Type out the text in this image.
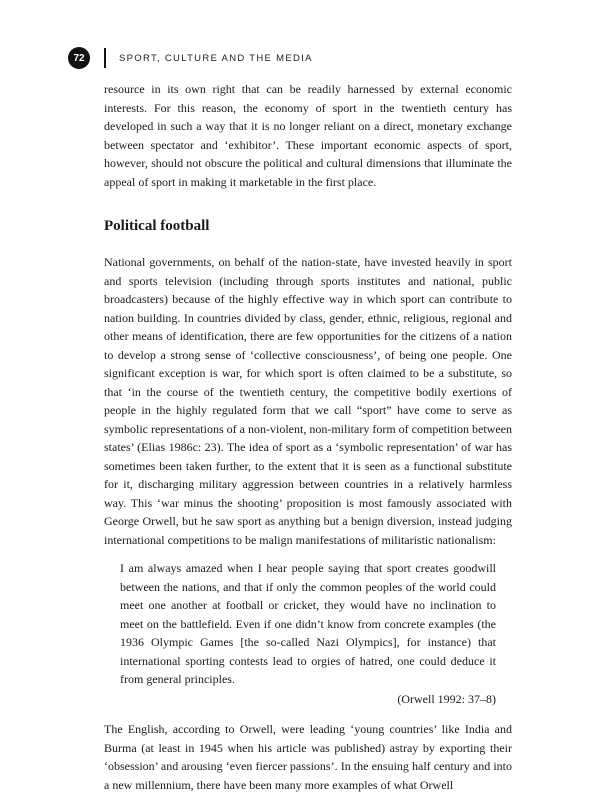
72	SPORT, CULTURE AND THE MEDIA

resource in its own right that can be readily harnessed by external economic interests. For this reason, the economy of sport in the twentieth century has developed in such a way that it is no longer reliant on a direct, monetary exchange between spectator and ‘exhibitor’. These important economic aspects of sport, however, should not obscure the political and cultural dimensions that illuminate the appeal of sport in making it marketable in the first place.

Political football

National governments, on behalf of the nation-state, have invested heavily in sport and sports television (including through sports institutes and national, public broadcasters) because of the highly effective way in which sport can contribute to nation building. In countries divided by class, gender, ethnic, religious, regional and other means of identification, there are few opportunities for the citizens of a nation to develop a strong sense of ‘collective consciousness’, of being one people. One significant exception is war, for which sport is often claimed to be a substitute, so that ‘in the course of the twentieth century, the competitive bodily exertions of people in the highly regulated form that we call “sport” have come to serve as symbolic representations of a non-violent, non-military form of competition between states’ (Elias 1986c: 23). The idea of sport as a ‘symbolic representation’ of war has sometimes been taken further, to the extent that it is seen as a functional substitute for it, discharging military aggression between countries in a relatively harmless way. This ‘war minus the shooting’ proposition is most famously associated with George Orwell, but he saw sport as anything but a benign diversion, instead judging international competitions to be malign manifestations of militaristic nationalism:

I am always amazed when I hear people saying that sport creates goodwill between the nations, and that if only the common peoples of the world could meet one another at football or cricket, they would have no inclination to meet on the battlefield. Even if one didn’t know from concrete examples (the 1936 Olympic Games [the so-called Nazi Olympics], for instance) that international sporting contests lead to orgies of hatred, one could deduce it from general principles.

(Orwell 1992: 37–8)

The English, according to Orwell, were leading ‘young countries’ like India and Burma (at least in 1945 when his article was published) astray by exporting their ‘obsession’ and arousing ‘even fiercer passions’. In the ensuing half century and into a new millennium, there have been many more examples of what Orwell
